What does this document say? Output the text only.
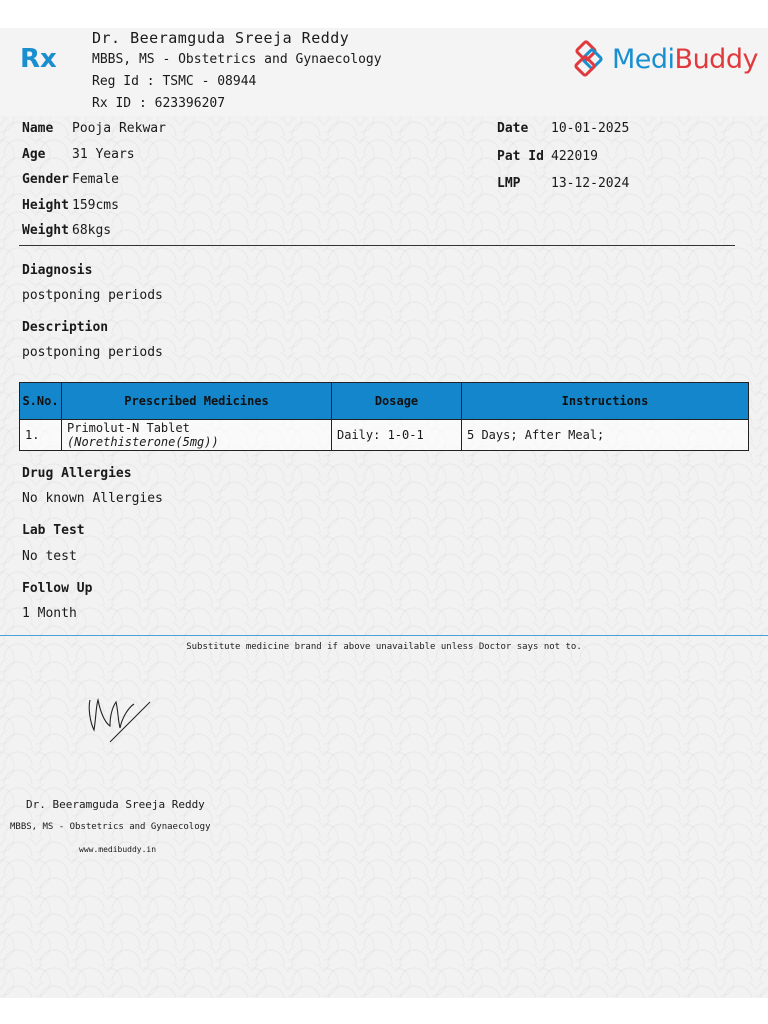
Rx
Dr. Beeramguda Sreeja Reddy
MBBS, MS - Obstetrics and Gynaecology
Reg Id : TSMC - 08944
Rx ID : 623396207
MediBuddy
Name Pooja Rekwar
Age 31 Years
Gender Female
Height 159cms
Weight 68kgs
Date 10-01-2025
Pat Id 422019
LMP 13-12-2024
Diagnosis
postponing periods
Description
postponing periods
S.No.	Prescribed Medicines	Dosage	Instructions
1.	Primolut-N Tablet (Norethisterone(5mg))	Daily: 1-0-1	5 Days; After Meal;
Drug Allergies
No known Allergies
Lab Test
No test
Follow Up
1 Month
Substitute medicine brand if above unavailable unless Doctor says not to.
Dr. Beeramguda Sreeja Reddy
MBBS, MS - Obstetrics and Gynaecology
www.medibuddy.in
